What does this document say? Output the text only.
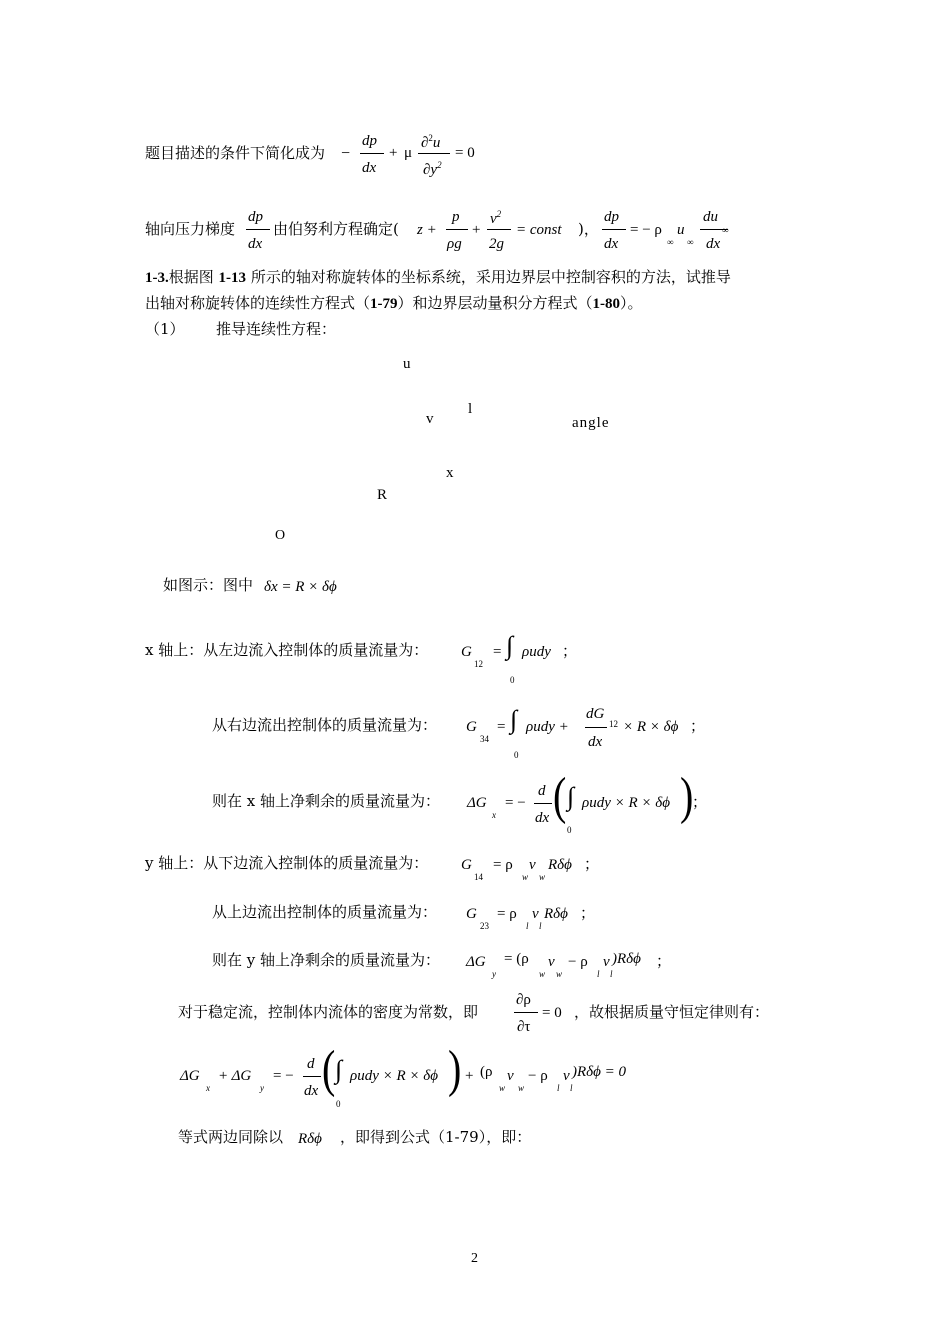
题目描述的条件下简化成为 −
dp
dx
+ μ
∂$^2$u
$\partial y^2$
= 0
轴向压力梯度
dp
dx
由伯努利方程确定( z +
p
ρg
+
$v^2$
2g
= const )，
dp
dx
= − ρ
∞
u
∞
du
dx
∞
1-3.根据图 1-13 所示的轴对称旋转体的坐标系统，采用边界层中控制容积的方法，试推导
出轴对称旋转体的连续性方程式（1-79）和边界层动量积分方程式（1-80）。
（1） 推导连续性方程：
u
l
v	angle
x
R
O
如图示：图中 δx = R × δϕ
x 轴上：从左边流入控制体的质量流量为： G
12
= ∫
0
ρudy ；
从右边流出控制体的质量流量为： G
34
= ∫
0
ρudy +
dG
12
dx
× R × δϕ ；
则在 x 轴上净剩余的质量流量为： ΔG
x
= −
d
dx ( ∫
0
ρudy × R × δϕ )
；
y 轴上：从下边流入控制体的质量流量为： G
14
= ρ v
w w
Rδϕ ；
从上边流出控制体的质量流量为： G
23
= ρ v
l l
Rδϕ ；
则在 y 轴上净剩余的质量流量为： ΔG
y
= (ρ v
w w
− ρ v
l l
)Rδϕ ；
对于稳定流，控制体内流体的密度为常数，即
∂ρ
∂τ
= 0 ，故根据质量守恒定律则有：
ΔG
x
+ ΔG
y
= −
d
dx ( ∫
0
ρudy × R × δϕ ) + (ρ v
w w
− ρ v
l l
)Rδϕ = 0
等式两边同除以 Rδϕ ，即得到公式（1-79），即：
2
